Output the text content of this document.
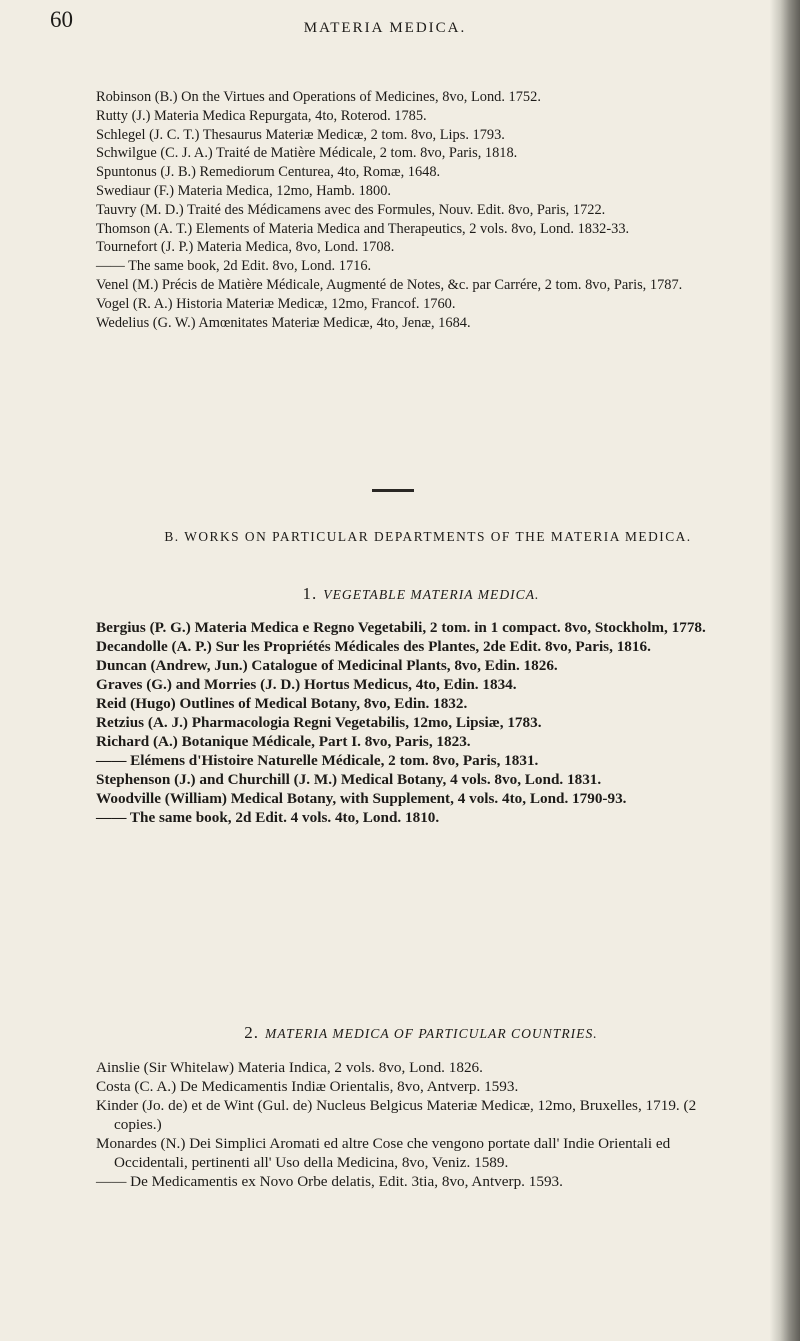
60	MATERIA MEDICA.

Robinson (B.) On the Virtues and Operations of Medicines, 8vo, Lond. 1752.

Rutty (J.) Materia Medica Repurgata, 4to, Roterod. 1785.

Schlegel (J. C. T.) Thesaurus Materiæ Medicæ, 2 tom. 8vo, Lips. 1793.

Schwilgue (C. J. A.) Traité de Matière Médicale, 2 tom. 8vo, Paris, 1818.

Spuntonus (J. B.) Remediorum Centurea, 4to, Romæ, 1648.

Swediaur (F.) Materia Medica, 12mo, Hamb. 1800.

Tauvry (M. D.) Traité des Médicamens avec des Formules, Nouv. Edit. 8vo, Paris, 1722.

Thomson (A. T.) Elements of Materia Medica and Therapeutics, 2 vols. 8vo, Lond. 1832-33.

Tournefort (J. P.) Materia Medica, 8vo, Lond. 1708.

—— The same book, 2d Edit. 8vo, Lond. 1716.

Venel (M.) Précis de Matière Médicale, Augmenté de Notes, &c. par Carrére, 2 tom. 8vo, Paris, 1787.

Vogel (R. A.) Historia Materiæ Medicæ, 12mo, Francof. 1760.

Wedelius (G. W.) Amœnitates Materiæ Medicæ, 4to, Jenæ, 1684.

B. WORKS ON PARTICULAR DEPARTMENTS OF THE MATERIA MEDICA.
1. VEGETABLE MATERIA MEDICA.

Bergius (P. G.) Materia Medica e Regno Vegetabili, 2 tom. in 1 compact. 8vo, Stockholm, 1778.

Decandolle (A. P.) Sur les Propriétés Médicales des Plantes, 2de Edit. 8vo, Paris, 1816.

Duncan (Andrew, Jun.) Catalogue of Medicinal Plants, 8vo, Edin. 1826.

Graves (G.) and Morries (J. D.) Hortus Medicus, 4to, Edin. 1834.

Reid (Hugo) Outlines of Medical Botany, 8vo, Edin. 1832.

Retzius (A. J.) Pharmacologia Regni Vegetabilis, 12mo, Lipsiæ, 1783.

Richard (A.) Botanique Médicale, Part I. 8vo, Paris, 1823.

—— Elémens d'Histoire Naturelle Médicale, 2 tom. 8vo, Paris, 1831.

Stephenson (J.) and Churchill (J. M.) Medical Botany, 4 vols. 8vo, Lond. 1831.

Woodville (William) Medical Botany, with Supplement, 4 vols. 4to, Lond. 1790-93.

—— The same book, 2d Edit. 4 vols. 4to, Lond. 1810.

2. MATERIA MEDICA OF PARTICULAR COUNTRIES.

Ainslie (Sir Whitelaw) Materia Indica, 2 vols. 8vo, Lond. 1826.

Costa (C. A.) De Medicamentis Indiæ Orientalis, 8vo, Antverp. 1593.

Kinder (Jo. de) et de Wint (Gul. de) Nucleus Belgicus Materiæ Medicæ, 12mo, Bruxelles, 1719. (2 copies.)

Monardes (N.) Dei Simplici Aromati ed altre Cose che vengono portate dall' Indie Orientali ed Occidentali, pertinenti all' Uso della Medicina, 8vo, Veniz. 1589.

—— De Medicamentis ex Novo Orbe delatis, Edit. 3tia, 8vo, Antverp. 1593.
